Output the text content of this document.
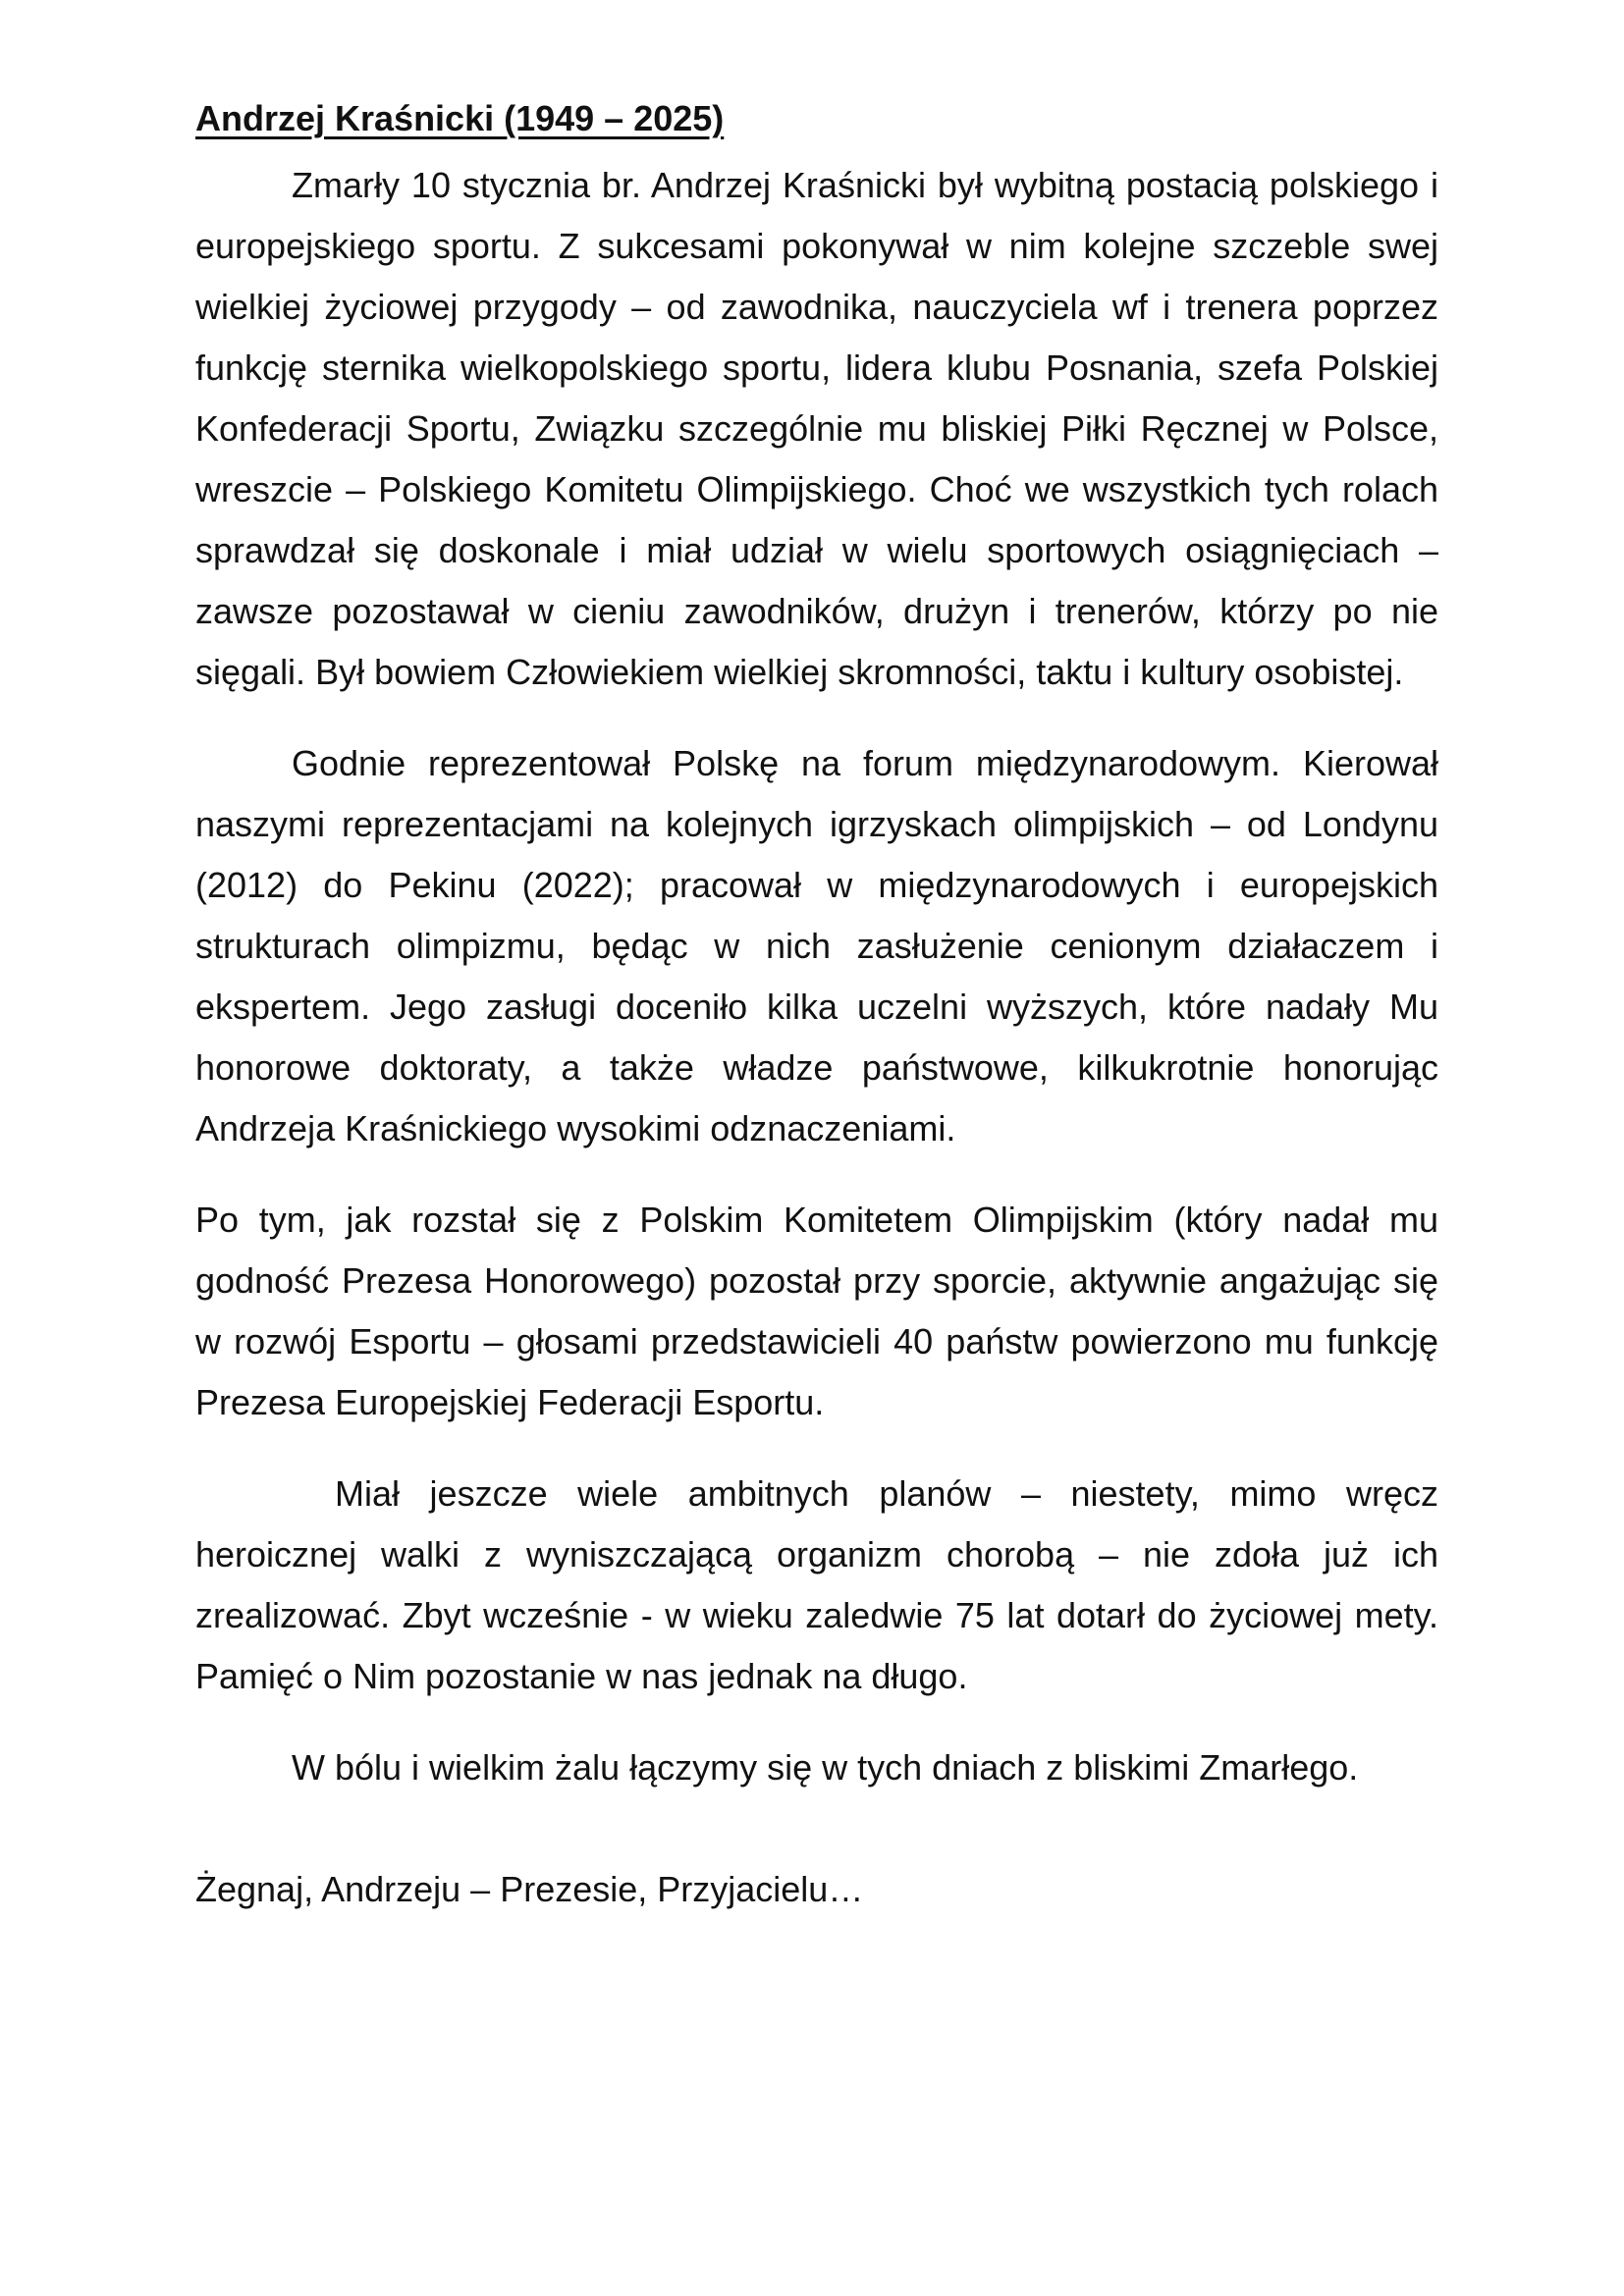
Andrzej Kraśnicki (1949 – 2025)

Zmarły 10 stycznia br. Andrzej Kraśnicki był wybitną postacią polskiego i europejskiego sportu. Z sukcesami pokonywał w nim kolejne szczeble swej wielkiej życiowej przygody – od zawodnika, nauczyciela wf i trenera poprzez funkcję sternika wielkopolskiego sportu, lidera klubu Posnania, szefa Polskiej Konfederacji Sportu, Związku szczególnie mu bliskiej Piłki Ręcznej w Polsce, wreszcie – Polskiego Komitetu Olimpijskiego. Choć we wszystkich tych rolach sprawdzał się doskonale i miał udział w wielu sportowych osiągnięciach – zawsze pozostawał w cieniu zawodników, drużyn i trenerów, którzy po nie sięgali. Był bowiem Człowiekiem wielkiej skromności, taktu i kultury osobistej.

Godnie reprezentował Polskę na forum międzynarodowym. Kierował naszymi reprezentacjami na kolejnych igrzyskach olimpijskich – od Londynu (2012) do Pekinu (2022); pracował w międzynarodowych i europejskich strukturach olimpizmu, będąc w nich zasłużenie cenionym działaczem i ekspertem. Jego zasługi doceniło kilka uczelni wyższych, które nadały Mu honorowe doktoraty, a także władze państwowe, kilkukrotnie honorując Andrzeja Kraśnickiego wysokimi odznaczeniami.

Po tym, jak rozstał się z Polskim Komitetem Olimpijskim (który nadał mu godność Prezesa Honorowego) pozostał przy sporcie, aktywnie angażując się w rozwój Esportu – głosami przedstawicieli 40 państw powierzono mu funkcję Prezesa Europejskiej Federacji Esportu.

Miał jeszcze wiele ambitnych planów – niestety, mimo wręcz heroicznej walki z wyniszczającą organizm chorobą – nie zdoła już ich zrealizować. Zbyt wcześnie - w wieku zaledwie 75 lat dotarł do życiowej mety. Pamięć o Nim pozostanie w nas jednak na długo.

W bólu i wielkim żalu łączymy się w tych dniach z bliskimi Zmarłego.

Żegnaj, Andrzeju – Prezesie, Przyjacielu…
